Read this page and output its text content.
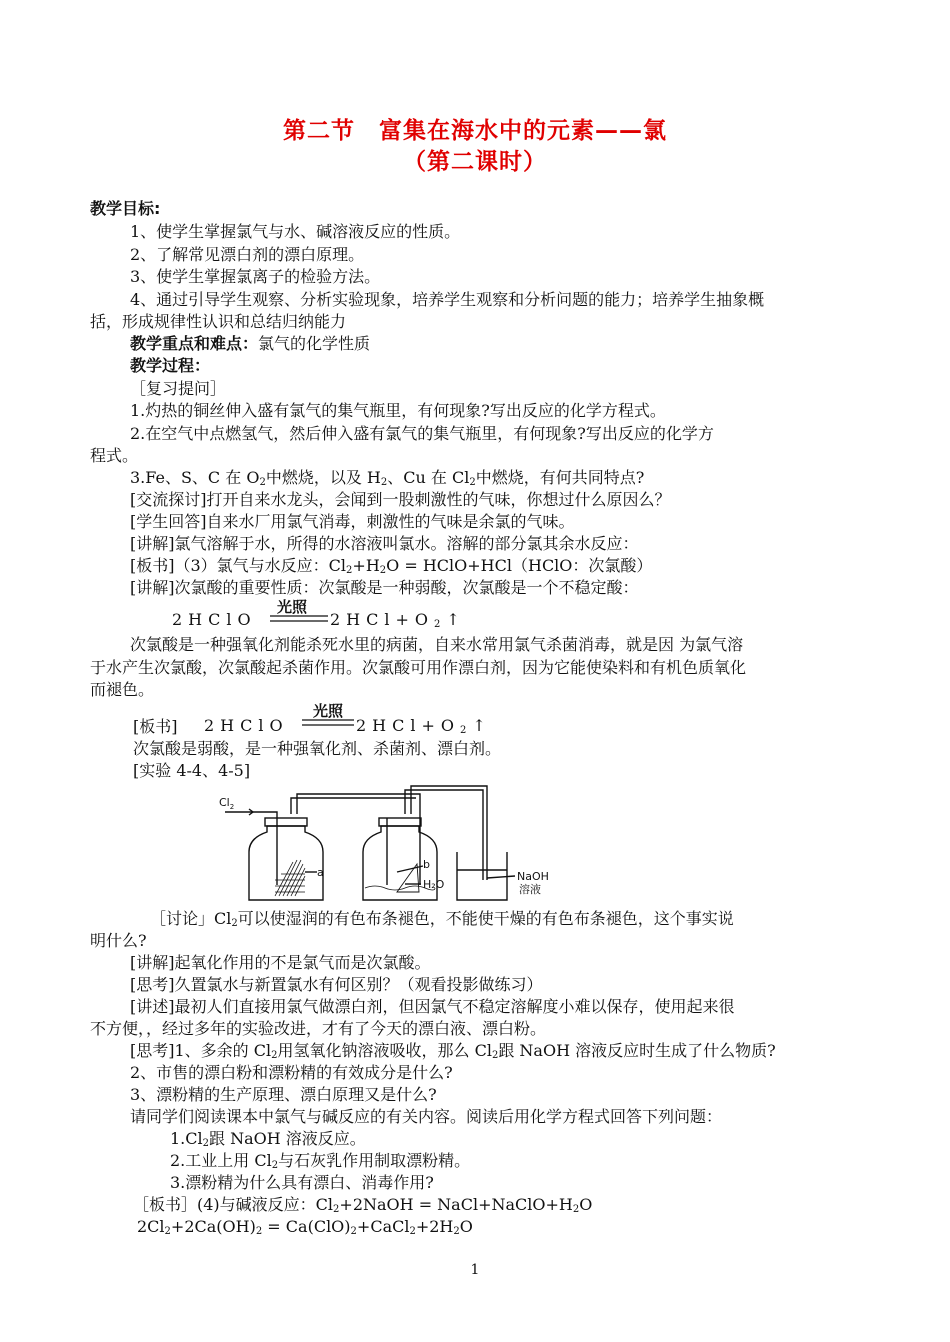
第二节　富集在海水中的元素——氯
（第二课时）
教学目标:
1、使学生掌握氯气与水、碱溶液反应的性质。
2、了解常见漂白剂的漂白原理。
3、使学生掌握氯离子的检验方法。
4、通过引导学生观察、分析实验现象，培养学生观察和分析问题的能力；培养学生抽象概
括，形成规律性认识和总结归纳能力
教学重点和难点：氯气的化学性质
教学过程：
［复习提问］
1.灼热的铜丝伸入盛有氯气的集气瓶里，有何现象?写出反应的化学方程式。
2.在空气中点燃氢气，然后伸入盛有氯气的集气瓶里，有何现象?写出反应的化学方
程式。
3.Fe、S、C 在 $O_2$中燃烧，以及 $H_2$、Cu 在 $Cl_2$中燃烧，有何共同特点?
[交流探讨]打开自来水龙头，会闻到一股刺激性的气味，你想过什么原因么？
[学生回答]自来水厂用氯气消毒，刺激性的气味是余氯的气味。
[讲解]氯气溶解于水，所得的水溶液叫氯水。溶解的部分氯其余水反应：
[板书]（3）氯气与水反应：$Cl_2+H_2O$ = HClO+HCl（HClO：次氯酸）
[讲解]次氯酸的重要性质：次氯酸是一种弱酸，次氯酸是一个不稳定酸：
2HClO
光照
$2HCl+O_2↑$
次氯酸是一种强氧化剂能杀死水里的病菌，自来水常用氯气杀菌消毒，就是因 为氯气溶
于水产生次氯酸，次氯酸起杀菌作用。次氯酸可用作漂白剂，因为它能使染料和有机色质氧化
而褪色。
[板书] 2HClO
光照
$2HCl+O_2↑$
次氯酸是弱酸，是一种强氧化剂、杀菌剂、漂白剂。
[实验 4-4、4-5]
$Cl_2$
a
b
H₂O
NaOH
溶液
［讨论」$Cl_2$可以使湿润的有色布条褪色，不能使干燥的有色布条褪色，这个事实说
明什么?
[讲解]起氧化作用的不是氯气而是次氯酸。
[思考]久置氯水与新置氯水有何区别？（观看投影做练习）
[讲述]最初人们直接用氯气做漂白剂，但因氯气不稳定溶解度小难以保存，使用起来很
不方便，，经过多年的实验改进，才有了今天的漂白液、漂白粉。
[思考]1、多余的 $Cl_2$用氢氧化钠溶液吸收，那么 $Cl_2$跟 NaOH 溶液反应时生成了什么物质?
2、市售的漂白粉和漂粉精的有效成分是什么?
3、漂粉精的生产原理、漂白原理又是什么?
请同学们阅读课本中氯气与碱反应的有关内容。阅读后用化学方程式回答下列问题：
$1.Cl_2$跟 NaOH 溶液反应。
2.工业上用 $Cl_2$与石灰乳作用制取漂粉精。
3.漂粉精为什么具有漂白、消毒作用?
［板书］(4)与碱液反应：$Cl_2+2NaOH$ = $NaCl+NaClO+H_2O$
$2Cl_2+2Ca(OH)_2$ = $Ca(ClO)_2+CaCl_2+2H_2O$
1
